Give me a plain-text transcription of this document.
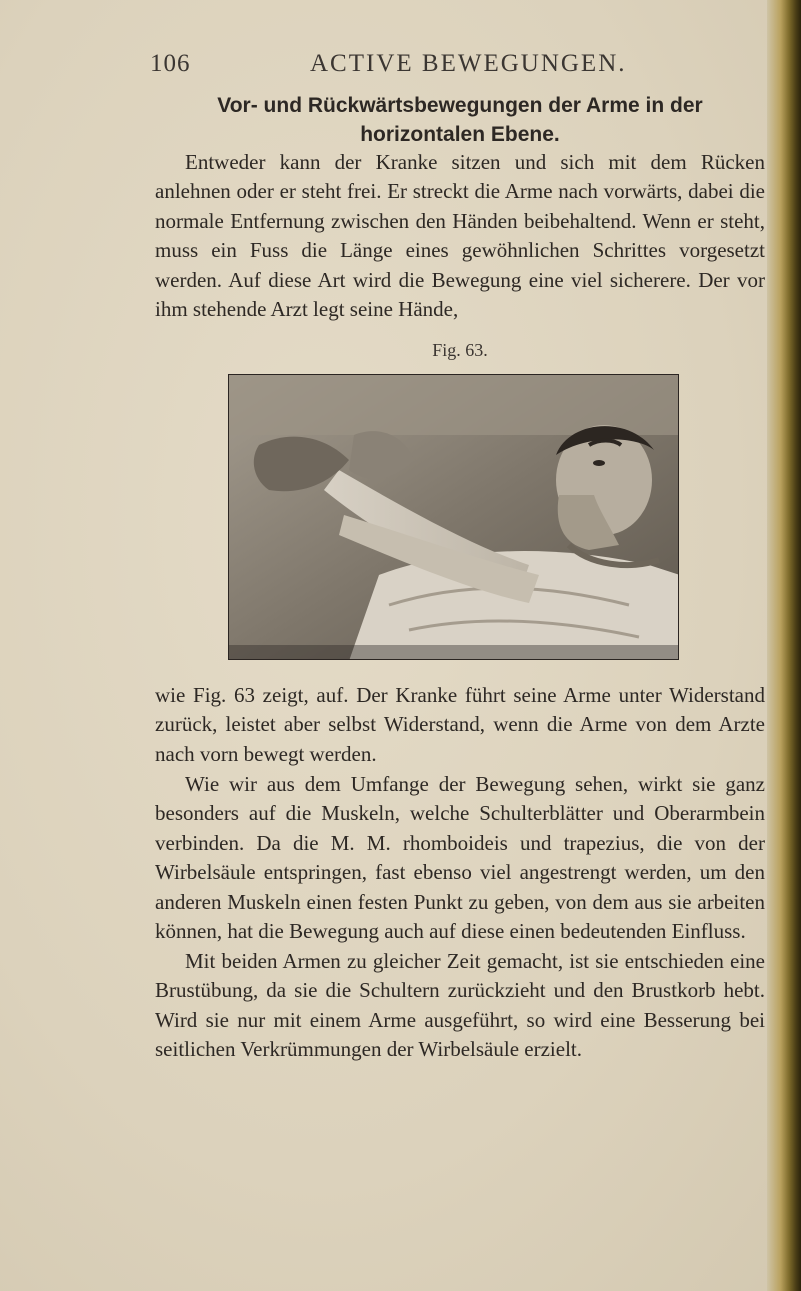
106	ACTIVE BEWEGUNGEN.
Vor- und Rückwärtsbewegungen der Arme in der horizontalen Ebene.
Entweder kann der Kranke sitzen und sich mit dem Rücken anlehnen oder er steht frei. Er streckt die Arme nach vorwärts, dabei die normale Entfernung zwischen den Händen beibehaltend. Wenn er steht, muss ein Fuss die Länge eines gewöhnlichen Schrittes vorgesetzt werden. Auf diese Art wird die Bewegung eine viel sicherere. Der vor ihm stehende Arzt legt seine Hände,
Fig. 63.
wie Fig. 63 zeigt, auf. Der Kranke führt seine Arme unter Widerstand zurück, leistet aber selbst Widerstand, wenn die Arme von dem Arzte nach vorn bewegt werden.
Wie wir aus dem Umfange der Bewegung sehen, wirkt sie ganz besonders auf die Muskeln, welche Schulterblätter und Oberarmbein verbinden. Da die M. M. rhomboideis und trapezius, die von der Wirbelsäule entspringen, fast ebenso viel angestrengt werden, um den anderen Muskeln einen festen Punkt zu geben, von dem aus sie arbeiten können, hat die Bewegung auch auf diese einen bedeutenden Einfluss.
Mit beiden Armen zu gleicher Zeit gemacht, ist sie entschieden eine Brustübung, da sie die Schultern zurückzieht und den Brustkorb hebt. Wird sie nur mit einem Arme ausgeführt, so wird eine Besserung bei seitlichen Verkrümmungen der Wirbelsäule erzielt.
